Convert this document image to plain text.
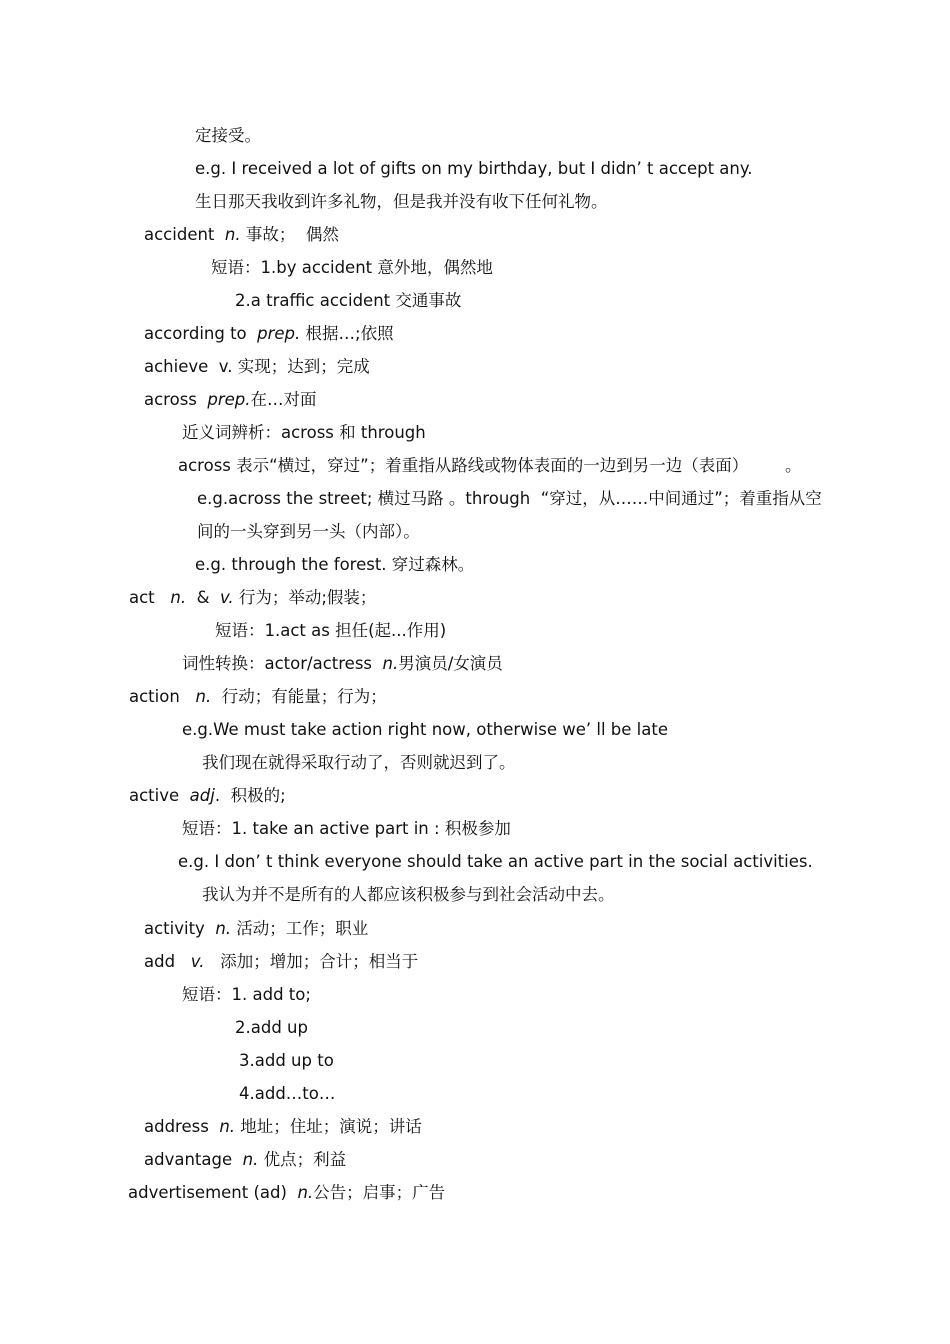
定接受。
e.g. I received a lot of gifts on my birthday, but I didn’ t accept any.
生日那天我收到许多礼物，但是我并没有收下任何礼物。
accident  n. 事故；  偶然
短语：1.by accident 意外地，偶然地
2.a traffic accident 交通事故
according to  prep. 根据…;依照
achieve  v. 实现；达到；完成
across  prep.在…对面
近义词辨析：across 和 through
across 表示“横过，穿过”；着重指从路线或物体表面的一边到另一边（表面）       。
e.g.across the street; 横过马路 。through  “穿过，从……中间通过”；着重指从空
间的一头穿到另一头（内部）。
e.g. through the forest. 穿过森林。
act   n.  &  v. 行为；举动;假装；
短语：1.act as 担任(起...作用)
词性转换：actor/actress  n.男演员/女演员
action   n.  行动；有能量；行为；
e.g.We must take action right now, otherwise we’ ll be late
我们现在就得采取行动了，否则就迟到了。
active  adj.  积极的;
短语：1. take an active part in : 积极参加
e.g. I don’ t think everyone should take an active part in the social activities.
我认为并不是所有的人都应该积极参与到社会活动中去。
activity  n. 活动；工作；职业
add   v.   添加；增加；合计；相当于
短语：1. add to;
2.add up
3.add up to
4.add…to…
address  n. 地址；住址；演说；讲话
advantage  n. 优点；利益
advertisement (ad)  n.公告；启事；广告
